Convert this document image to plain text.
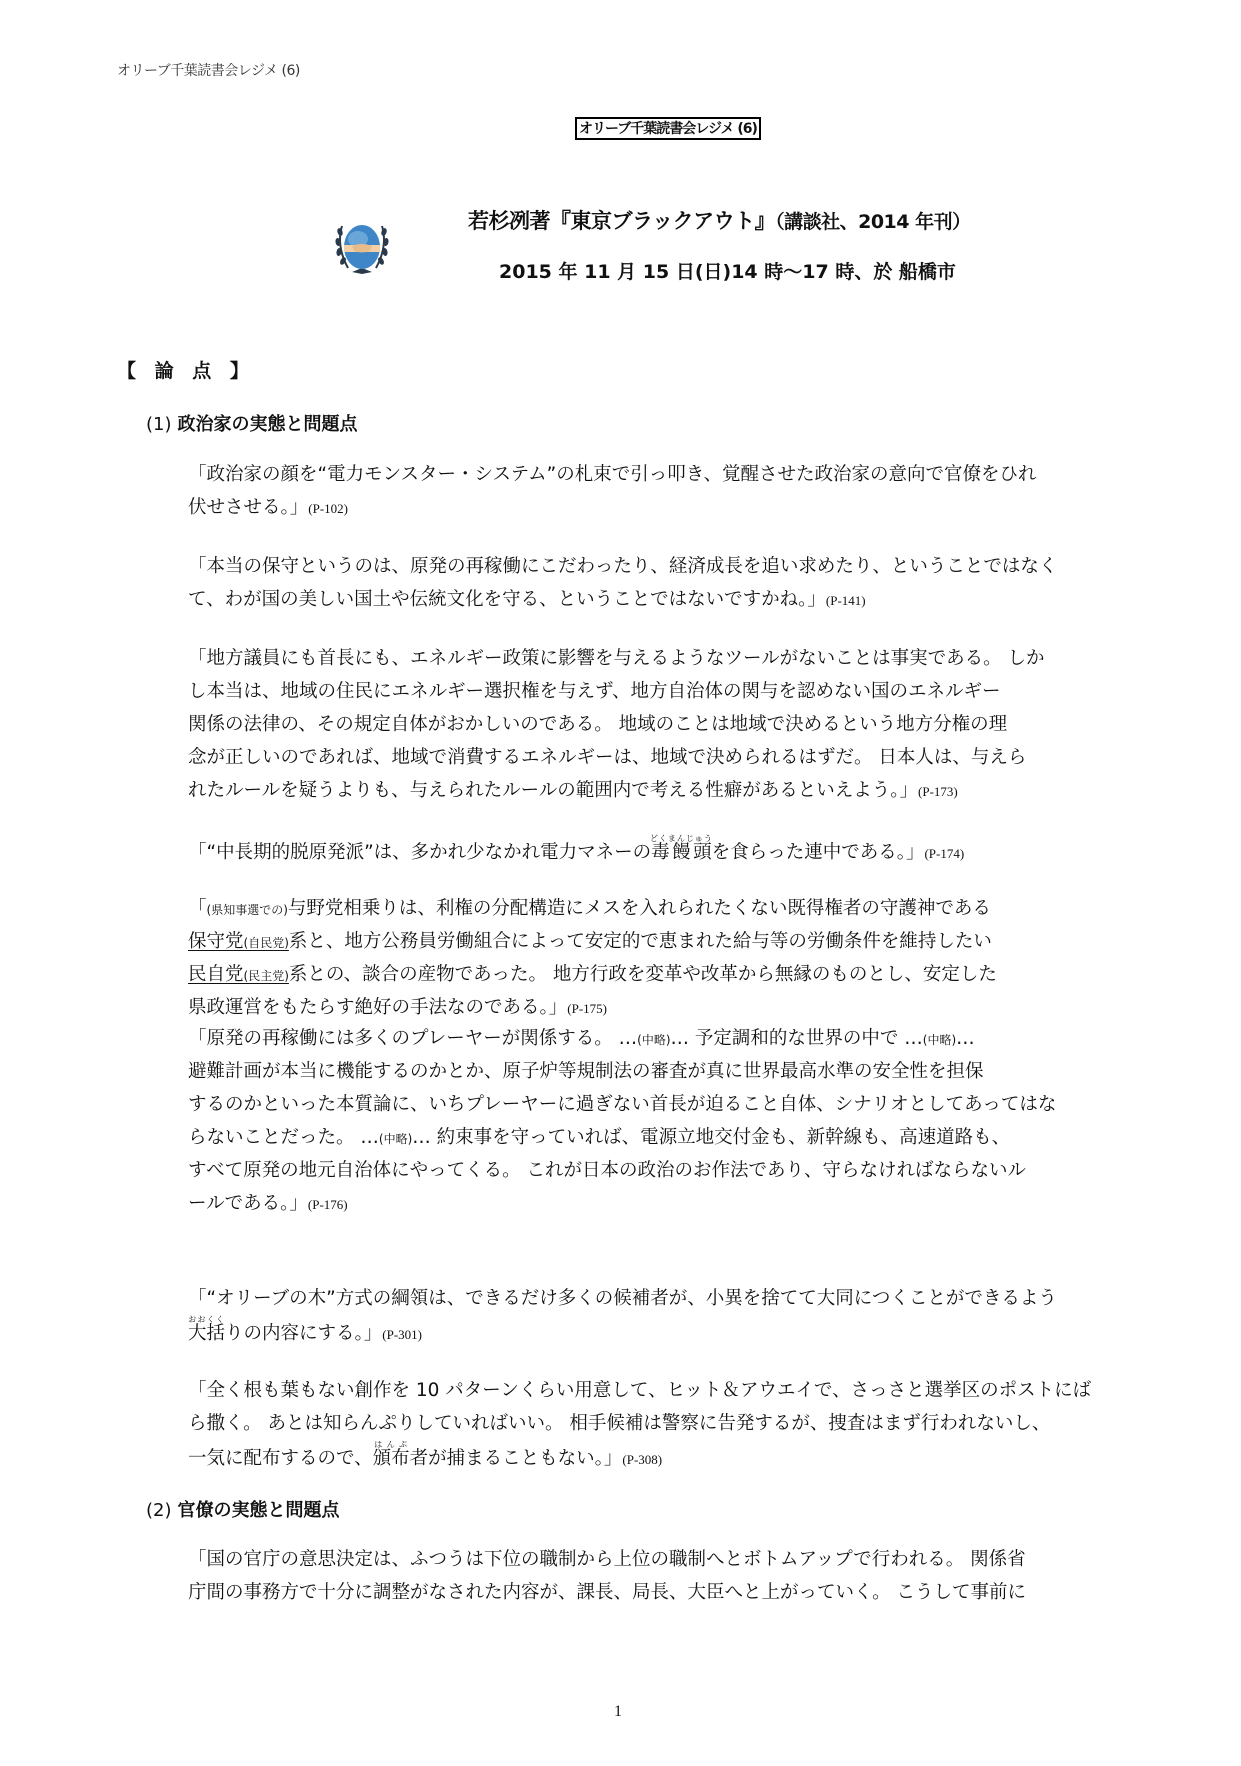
オリーブ千葉読書会レジメ (6)
オリーブ千葉読書会レジメ (6)
若杉冽著『東京ブラックアウト』（講談社、2014 年刊）
2015 年 11 月 15 日(日)14 時〜17 時、於 船橋市
【 論 点 】
(1) 政治家の実態と問題点
「政治家の顔を“電力モンスター・システム”の札束で引っ叩き、覚醒させた政治家の意向で官僚をひれ
伏せさせる。」(P-102)
「本当の保守というのは、原発の再稼働にこだわったり、経済成長を追い求めたり、ということではなく
て、わが国の美しい国土や伝統文化を守る、ということではないですかね。」(P-141)
「地方議員にも首長にも、エネルギー政策に影響を与えるようなツールがないことは事実である。 しか
し本当は、地域の住民にエネルギー選択権を与えず、地方自治体の関与を認めない国のエネルギー
関係の法律の、その規定自体がおかしいのである。 地域のことは地域で決めるという地方分権の理
念が正しいのであれば、地域で消費するエネルギーは、地域で決められるはずだ。 日本人は、与えら
れたルールを疑うよりも、与えられたルールの範囲内で考える性癖があるといえよう。」(P-173)
「“中長期的脱原発派”は、多かれ少なかれ電力マネーの毒饅頭どくまんじゅうを食らった連中である。」(P-174)
「(県知事選での)与野党相乗りは、利権の分配構造にメスを入れられたくない既得権者の守護神である
保守党(自民党)系と、地方公務員労働組合によって安定的で恵まれた給与等の労働条件を維持したい
民自党(民主党)系との、談合の産物であった。 地方行政を変革や改革から無縁のものとし、安定した
県政運営をもたらす絶好の手法なのである。」(P-175)
「原発の再稼働には多くのプレーヤーが関係する。 …(中略)… 予定調和的な世界の中で …(中略)…
避難計画が本当に機能するのかとか、原子炉等規制法の審査が真に世界最高水準の安全性を担保
するのかといった本質論に、いちプレーヤーに過ぎない首長が迫ること自体、シナリオとしてあってはな
らないことだった。 …(中略)… 約束事を守っていれば、電源立地交付金も、新幹線も、高速道路も、
すべて原発の地元自治体にやってくる。 これが日本の政治のお作法であり、守らなければならないル
ールである。」(P-176)
「“オリーブの木”方式の綱領は、できるだけ多くの候補者が、小異を捨てて大同につくことができるよう
大括おおくくりの内容にする。」(P-301)
「全く根も葉もない創作を 10 パターンくらい用意して、ヒット＆アウエイで、さっさと選挙区のポストにば
ら撒く。 あとは知らんぷりしていればいい。 相手候補は警察に告発するが、捜査はまず行われないし、
一気に配布するので、頒布はんぷ者が捕まることもない。」(P-308)
(2) 官僚の実態と問題点
「国の官庁の意思決定は、ふつうは下位の職制から上位の職制へとボトムアップで行われる。 関係省
庁間の事務方で十分に調整がなされた内容が、課長、局長、大臣へと上がっていく。 こうして事前に
1
